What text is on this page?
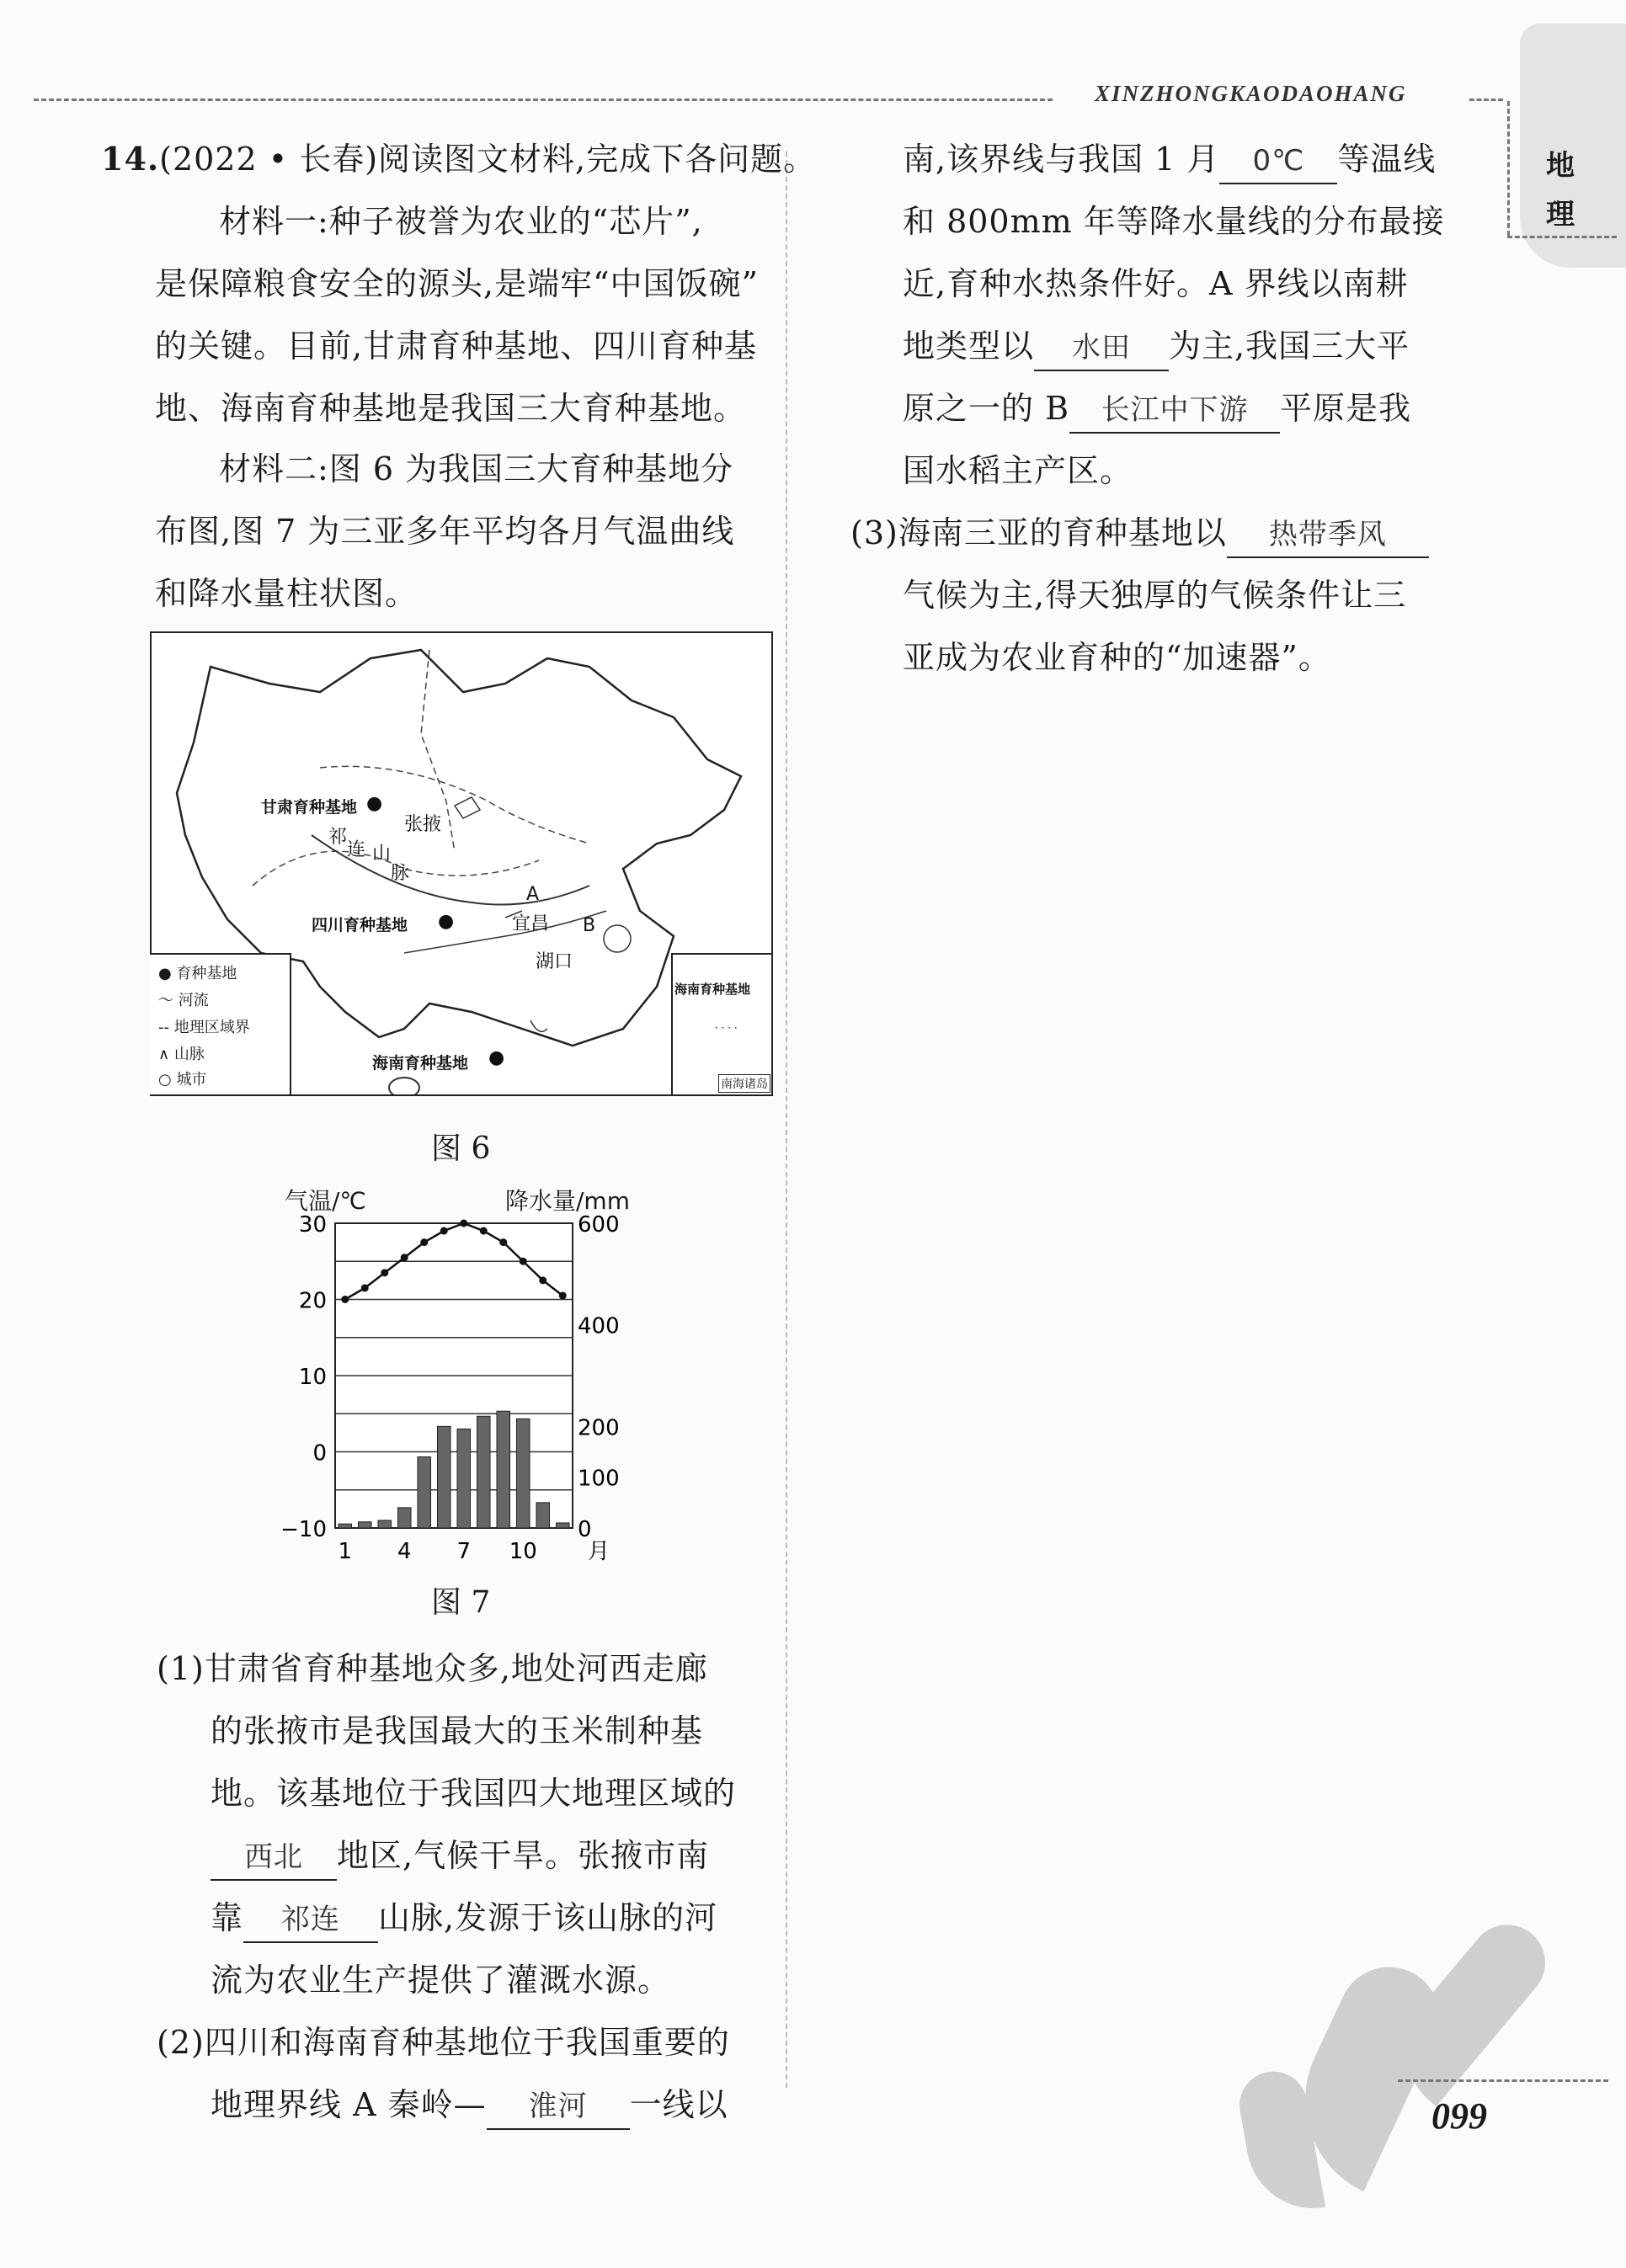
XINZHONGKAODAOHANG
地
理
14.(2022 • 长春)阅读图文材料,完成下各问题。
材料一:种子被誉为农业的“芯片”,
是保障粮食安全的源头,是端牢“中国饭碗”
的关键。目前,甘肃育种基地、四川育种基
地、海南育种基地是我国三大育种基地。
材料二:图 6 为我国三大育种基地分
布图,图 7 为三亚多年平均各月气温曲线
和降水量柱状图。
甘肃育种基地 ●
祁
连 山
脉
张掖
四川育种基地 ●
A
宜昌 B
湖口
海南育种基地 ●
● 育种基地
〜 河流
-- 地理区域界
∧ 山脉
○ 城市
海南育种基地
· · · ·
南海诸岛
图 6
气温/℃	降水量/mm
30
20
10
0
−10
600
400
200
100
0
1 4 7 10 月
图 7
(1)甘肃省育种基地众多,地处河西走廊
的张掖市是我国最大的玉米制种基
地。该基地位于我国四大地理区域的
西北 地区,气候干旱。张掖市南
靠 祁连 山脉,发源于该山脉的河
流为农业生产提供了灌溉水源。
(2)四川和海南育种基地位于我国重要的
地理界线 A 秦岭— 淮河 一线以
南,该界线与我国 1 月 0℃ 等温线
和 800mm 年等降水量线的分布最接
近,育种水热条件好。A 界线以南耕
地类型以 水田 为主,我国三大平
原之一的 B 长江中下游 平原是我
国水稻主产区。
(3)海南三亚的育种基地以 热带季风
气候为主,得天独厚的气候条件让三
亚成为农业育种的“加速器”。
099
